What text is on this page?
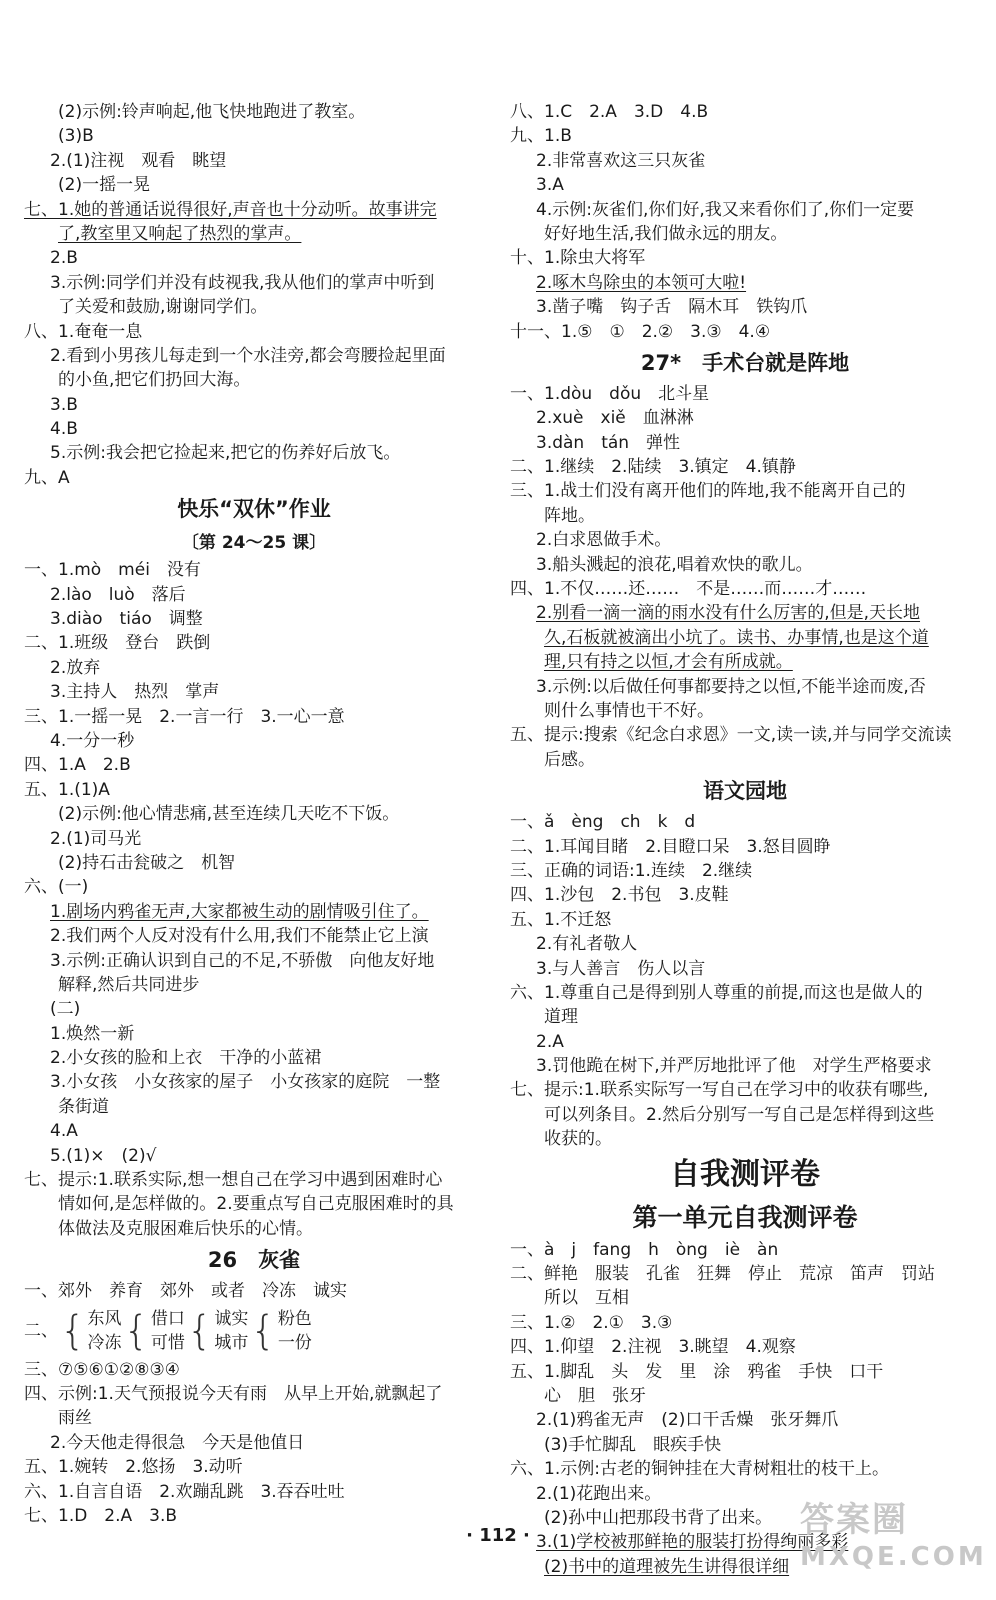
(2)示例:铃声响起,他飞快地跑进了教室。
(3)B
2.(1)注视　观看　眺望
(2)一摇一晃
七、1.她的普通话说得很好,声音也十分动听。故事讲完
了,教室里又响起了热烈的掌声。
2.B
3.示例:同学们并没有歧视我,我从他们的掌声中听到
了关爱和鼓励,谢谢同学们。
八、1.奄奄一息
2.看到小男孩儿每走到一个水洼旁,都会弯腰捡起里面
的小鱼,把它们扔回大海。
3.B
4.B
5.示例:我会把它捡起来,把它的伤养好后放飞。
九、A
快乐“双休”作业
〔第 24～25 课〕
一、1.mò　méi　没有
2.lào　luò　落后
3.diào　tiáo　调整
二、1.班级　登台　跌倒
2.放弃
3.主持人　热烈　掌声
三、1.一摇一晃　2.一言一行　3.一心一意
4.一分一秒
四、1.A　2.B
五、1.(1)A
(2)示例:他心情悲痛,甚至连续几天吃不下饭。
2.(1)司马光
(2)持石击瓮破之　机智
六、(一)
1.剧场内鸦雀无声,大家都被生动的剧情吸引住了。
2.我们两个人反对没有什么用,我们不能禁止它上演
3.示例:正确认识到自己的不足,不骄傲　向他友好地
解释,然后共同进步
(二)
1.焕然一新
2.小女孩的脸和上衣　干净的小蓝裙
3.小女孩　小女孩家的屋子　小女孩家的庭院　一整
条街道
4.A
5.(1)×　(2)√
七、提示:1.联系实际,想一想自己在学习中遇到困难时心
情如何,是怎样做的。2.要重点写自己克服困难时的具
体做法及克服困难后快乐的心情。
26　灰雀
一、郊外　养育　郊外　或者　冷冻　诚实
二、 { 东风
冷冻 { 借口
可惜 { 诚实
城市 { 粉色
一份
三、⑦⑤⑥①②⑧③④
四、示例:1.天气预报说今天有雨　从早上开始,就飘起了
雨丝
2.今天他走得很急　今天是他值日
五、1.婉转　2.悠扬　3.动听
六、1.自言自语　2.欢蹦乱跳　3.吞吞吐吐
七、1.D　2.A　3.B
八、1.C　2.A　3.D　4.B
九、1.B
2.非常喜欢这三只灰雀
3.A
4.示例:灰雀们,你们好,我又来看你们了,你们一定要
好好地生活,我们做永远的朋友。
十、1.除虫大将军
2.啄木鸟除虫的本领可大啦!
3.凿子嘴　钩子舌　隔木耳　铁钩爪
十一、1.⑤　①　2.②　3.③　4.④
27*　手术台就是阵地
一、1.dòu　dǒu　北斗星
2.xuè　xiě　血淋淋
3.dàn　tán　弹性
二、1.继续　2.陆续　3.镇定　4.镇静
三、1.战士们没有离开他们的阵地,我不能离开自己的
阵地。
2.白求恩做手术。
3.船头溅起的浪花,唱着欢快的歌儿。
四、1.不仅……还……　不是……而……才……
2.别看一滴一滴的雨水没有什么厉害的,但是,天长地
久,石板就被滴出小坑了。读书、办事情,也是这个道
理,只有持之以恒,才会有所成就。
3.示例:以后做任何事都要持之以恒,不能半途而废,否
则什么事情也干不好。
五、提示:搜索《纪念白求恩》一文,读一读,并与同学交流读
后感。
语文园地
一、ǎ　èng　ch　k　d
二、1.耳闻目睹　2.目瞪口呆　3.怒目圆睁
三、正确的词语:1.连续　2.继续
四、1.沙包　2.书包　3.皮鞋
五、1.不迁怒
2.有礼者敬人
3.与人善言　伤人以言
六、1.尊重自己是得到别人尊重的前提,而这也是做人的
道理
2.A
3.罚他跪在树下,并严厉地批评了他　对学生严格要求
七、提示:1.联系实际写一写自己在学习中的收获有哪些,
可以列条目。2.然后分别写一写自己是怎样得到这些
收获的。
自我测评卷
第一单元自我测评卷
一、à　j　fang　h　òng　iè　àn
二、鲜艳　服装　孔雀　狂舞　停止　荒凉　笛声　罚站
所以　互相
三、1.②　2.①　3.③
四、1.仰望　2.注视　3.眺望　4.观察
五、1.脚乱　头　发　里　涂　鸦雀　手快　口干
心　胆　张牙
2.(1)鸦雀无声　(2)口干舌燥　张牙舞爪
(3)手忙脚乱　眼疾手快
六、1.示例:古老的铜钟挂在大青树粗壮的枝干上。
2.(1)花跑出来。
(2)孙中山把那段书背了出来。
3.(1)学校被那鲜艳的服装打扮得绚丽多彩
(2)书中的道理被先生讲得很详细
· 112 ·	答案圈
MXQE.COM
